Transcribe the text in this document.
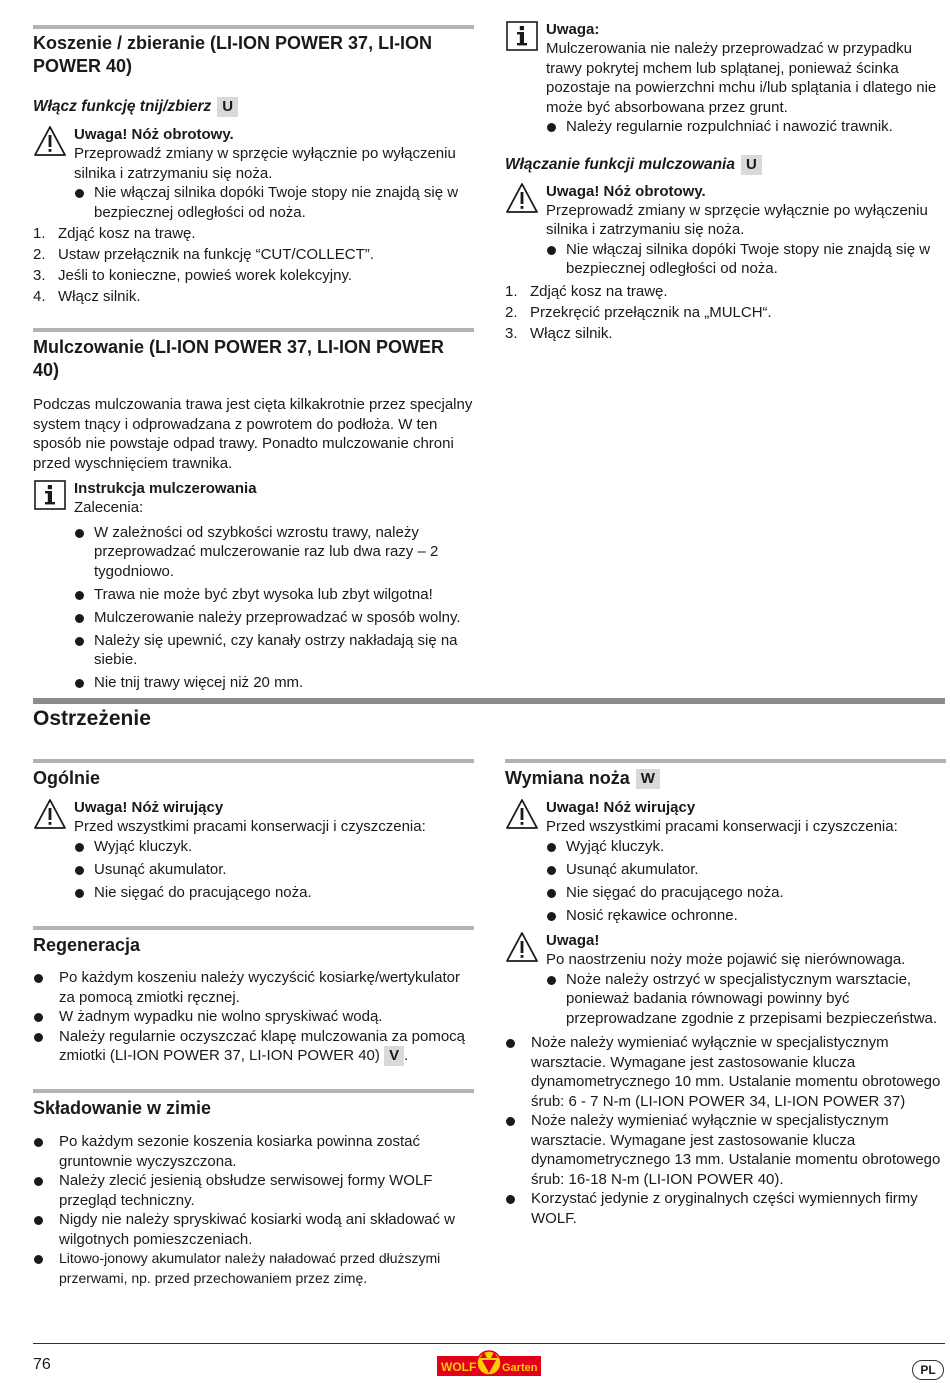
Koszenie / zbieranie (LI-ION POWER 37, LI-ION POWER 40)
Włącz funkcję tnij/zbierz U
Uwaga! Nóż obrotowy.

Przeprowadź zmiany w sprzęcie wyłącznie po wyłączeniu silnika i zatrzymaniu się noża.

Nie włączaj silnika dopóki Twoje stopy nie znajdą się w bezpiecznej odległości od noża.
1. Zdjąć kosz na trawę.
2. Ustaw przełącznik na funkcję “CUT/COLLECT”.
3. Jeśli to konieczne, powieś worek kolekcyjny.
4. Włącz silnik.
Mulczowanie (LI-ION POWER 37, LI-ION POWER 40)

Podczas mulczowania trawa jest cięta kilkakrotnie przez specjalny system tnący i odprowadzana z powrotem do podłoża. W ten sposób nie powstaje odpad trawy. Ponadto mulczowanie chroni przed wyschnięciem trawnika.

Instrukcja mulczerowania

Zalecenia:

W zależności od szybkości wzrostu trawy, należy przeprowadzać mulczerowanie raz lub dwa razy – 2 tygodniowo.
Trawa nie może być zbyt wysoka lub zbyt wilgotna!
Mulczerowanie należy przeprowadzać w sposób wolny.
Należy się upewnić, czy kanały ostrzy nakładają się na siebie.
Nie tnij trawy więcej niż 20 mm.
Uwaga:

Mulczerowania nie należy przeprowadzać w przypadku trawy pokrytej mchem lub splątanej, ponieważ ścinka pozostaje na powierzchni mchu i/lub splątania i dlatego nie może być absorbowana przez grunt.

Należy regularnie rozpulchniać i nawozić trawnik.
Włączanie funkcji mulczowania U
Uwaga! Nóż obrotowy.

Przeprowadź zmiany w sprzęcie wyłącznie po wyłączeniu silnika i zatrzymaniu się noża.

Nie włączaj silnika dopóki Twoje stopy nie znajdą się w bezpiecznej odległości od noża.
1. Zdjąć kosz na trawę.
2. Przekręcić przełącznik na „MULCH“.
3. Włącz silnik.
Ostrzeżenie
Ogólnie
Uwaga! Nóż wirujący

Przed wszystkimi pracami konserwacji i czyszczenia:

Wyjąć kluczyk.
Usunąć akumulator.
Nie sięgać do pracującego noża.
Regeneracja
Po każdym koszeniu należy wyczyścić kosiarkę/wertykulator za pomocą zmiotki ręcznej.
W żadnym wypadku nie wolno spryskiwać wodą.
Należy regularnie oczyszczać klapę mulczowania za pomocą zmiotki (LI-ION POWER 37, LI-ION POWER 40) V .
Składowanie w zimie
Po każdym sezonie koszenia kosiarka powinna zostać gruntownie wyczyszczona.
Należy zlecić jesienią obsłudze serwisowej formy WOLF przegląd techniczny.
Nigdy nie należy spryskiwać kosiarki wodą ani składować w wilgotnych pomieszczeniach.
Litowo-jonowy akumulator należy naładować przed dłuższymi przerwami, np. przed przechowaniem przez zimę.
Wymiana noża W
Uwaga! Nóż wirujący

Przed wszystkimi pracami konserwacji i czyszczenia:

Wyjąć kluczyk.
Usunąć akumulator.
Nie sięgać do pracującego noża.
Nosić rękawice ochronne.
Uwaga!

Po naostrzeniu noży może pojawić się nierównowaga.

Noże należy ostrzyć w specjalistycznym warsztacie, ponieważ badania równowagi powinny być przeprowadzane zgodnie z przepisami bezpieczeństwa.
Noże należy wymieniać wyłącznie w specjalistycznym warsztacie. Wymagane jest zastosowanie klucza dynamometrycznego 10 mm. Ustalanie momentu obrotowego śrub: 6 - 7 N-m (LI-ION POWER 34, LI-ION POWER 37)
Noże należy wymieniać wyłącznie w specjalistycznym warsztacie. Wymagane jest zastosowanie klucza dynamometrycznego 13 mm. Ustalanie momentu obrotowego śrub: 16-18 N-m (LI-ION POWER 40).
Korzystać jedynie z oryginalnych części wymiennych firmy WOLF.
76	WOLF Garten	PL
